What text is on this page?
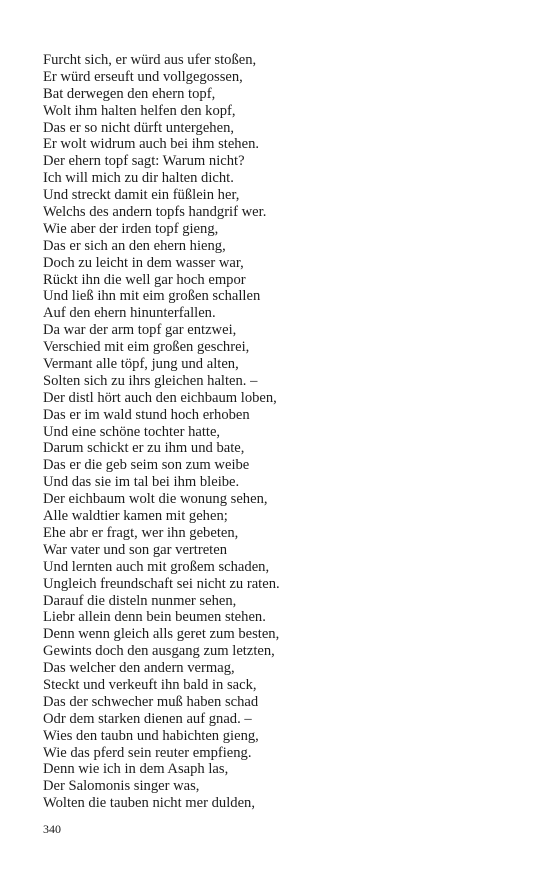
Furcht sich, er würd aus ufer stoßen,
Er würd erseuft und vollgegossen,
Bat derwegen den ehern topf,
Wolt ihm halten helfen den kopf,
Das er so nicht dürft untergehen,
Er wolt widrum auch bei ihm stehen.
Der ehern topf sagt: Warum nicht?
Ich will mich zu dir halten dicht.
Und streckt damit ein füßlein her,
Welchs des andern topfs handgrif wer.
Wie aber der irden topf gieng,
Das er sich an den ehern hieng,
Doch zu leicht in dem wasser war,
Rückt ihn die well gar hoch empor
Und ließ ihn mit eim großen schallen
Auf den ehern hinunterfallen.
Da war der arm topf gar entzwei,
Verschied mit eim großen geschrei,
Vermant alle töpf, jung und alten,
Solten sich zu ihrs gleichen halten. –
Der distl hört auch den eichbaum loben,
Das er im wald stund hoch erhoben
Und eine schöne tochter hatte,
Darum schickt er zu ihm und bate,
Das er die geb seim son zum weibe
Und das sie im tal bei ihm bleibe.
Der eichbaum wolt die wonung sehen,
Alle waldtier kamen mit gehen;
Ehe abr er fragt, wer ihn gebeten,
War vater und son gar vertreten
Und lernten auch mit großem schaden,
Ungleich freundschaft sei nicht zu raten.
Darauf die disteln nunmer sehen,
Liebr allein denn bein beumen stehen.
Denn wenn gleich alls geret zum besten,
Gewints doch den ausgang zum letzten,
Das welcher den andern vermag,
Steckt und verkeuft ihn bald in sack,
Das der schwecher muß haben schad
Odr dem starken dienen auf gnad. –
Wies den taubn und habichten gieng,
Wie das pferd sein reuter empfieng.
Denn wie ich in dem Asaph las,
Der Salomonis singer was,
Wolten die tauben nicht mer dulden,
340
